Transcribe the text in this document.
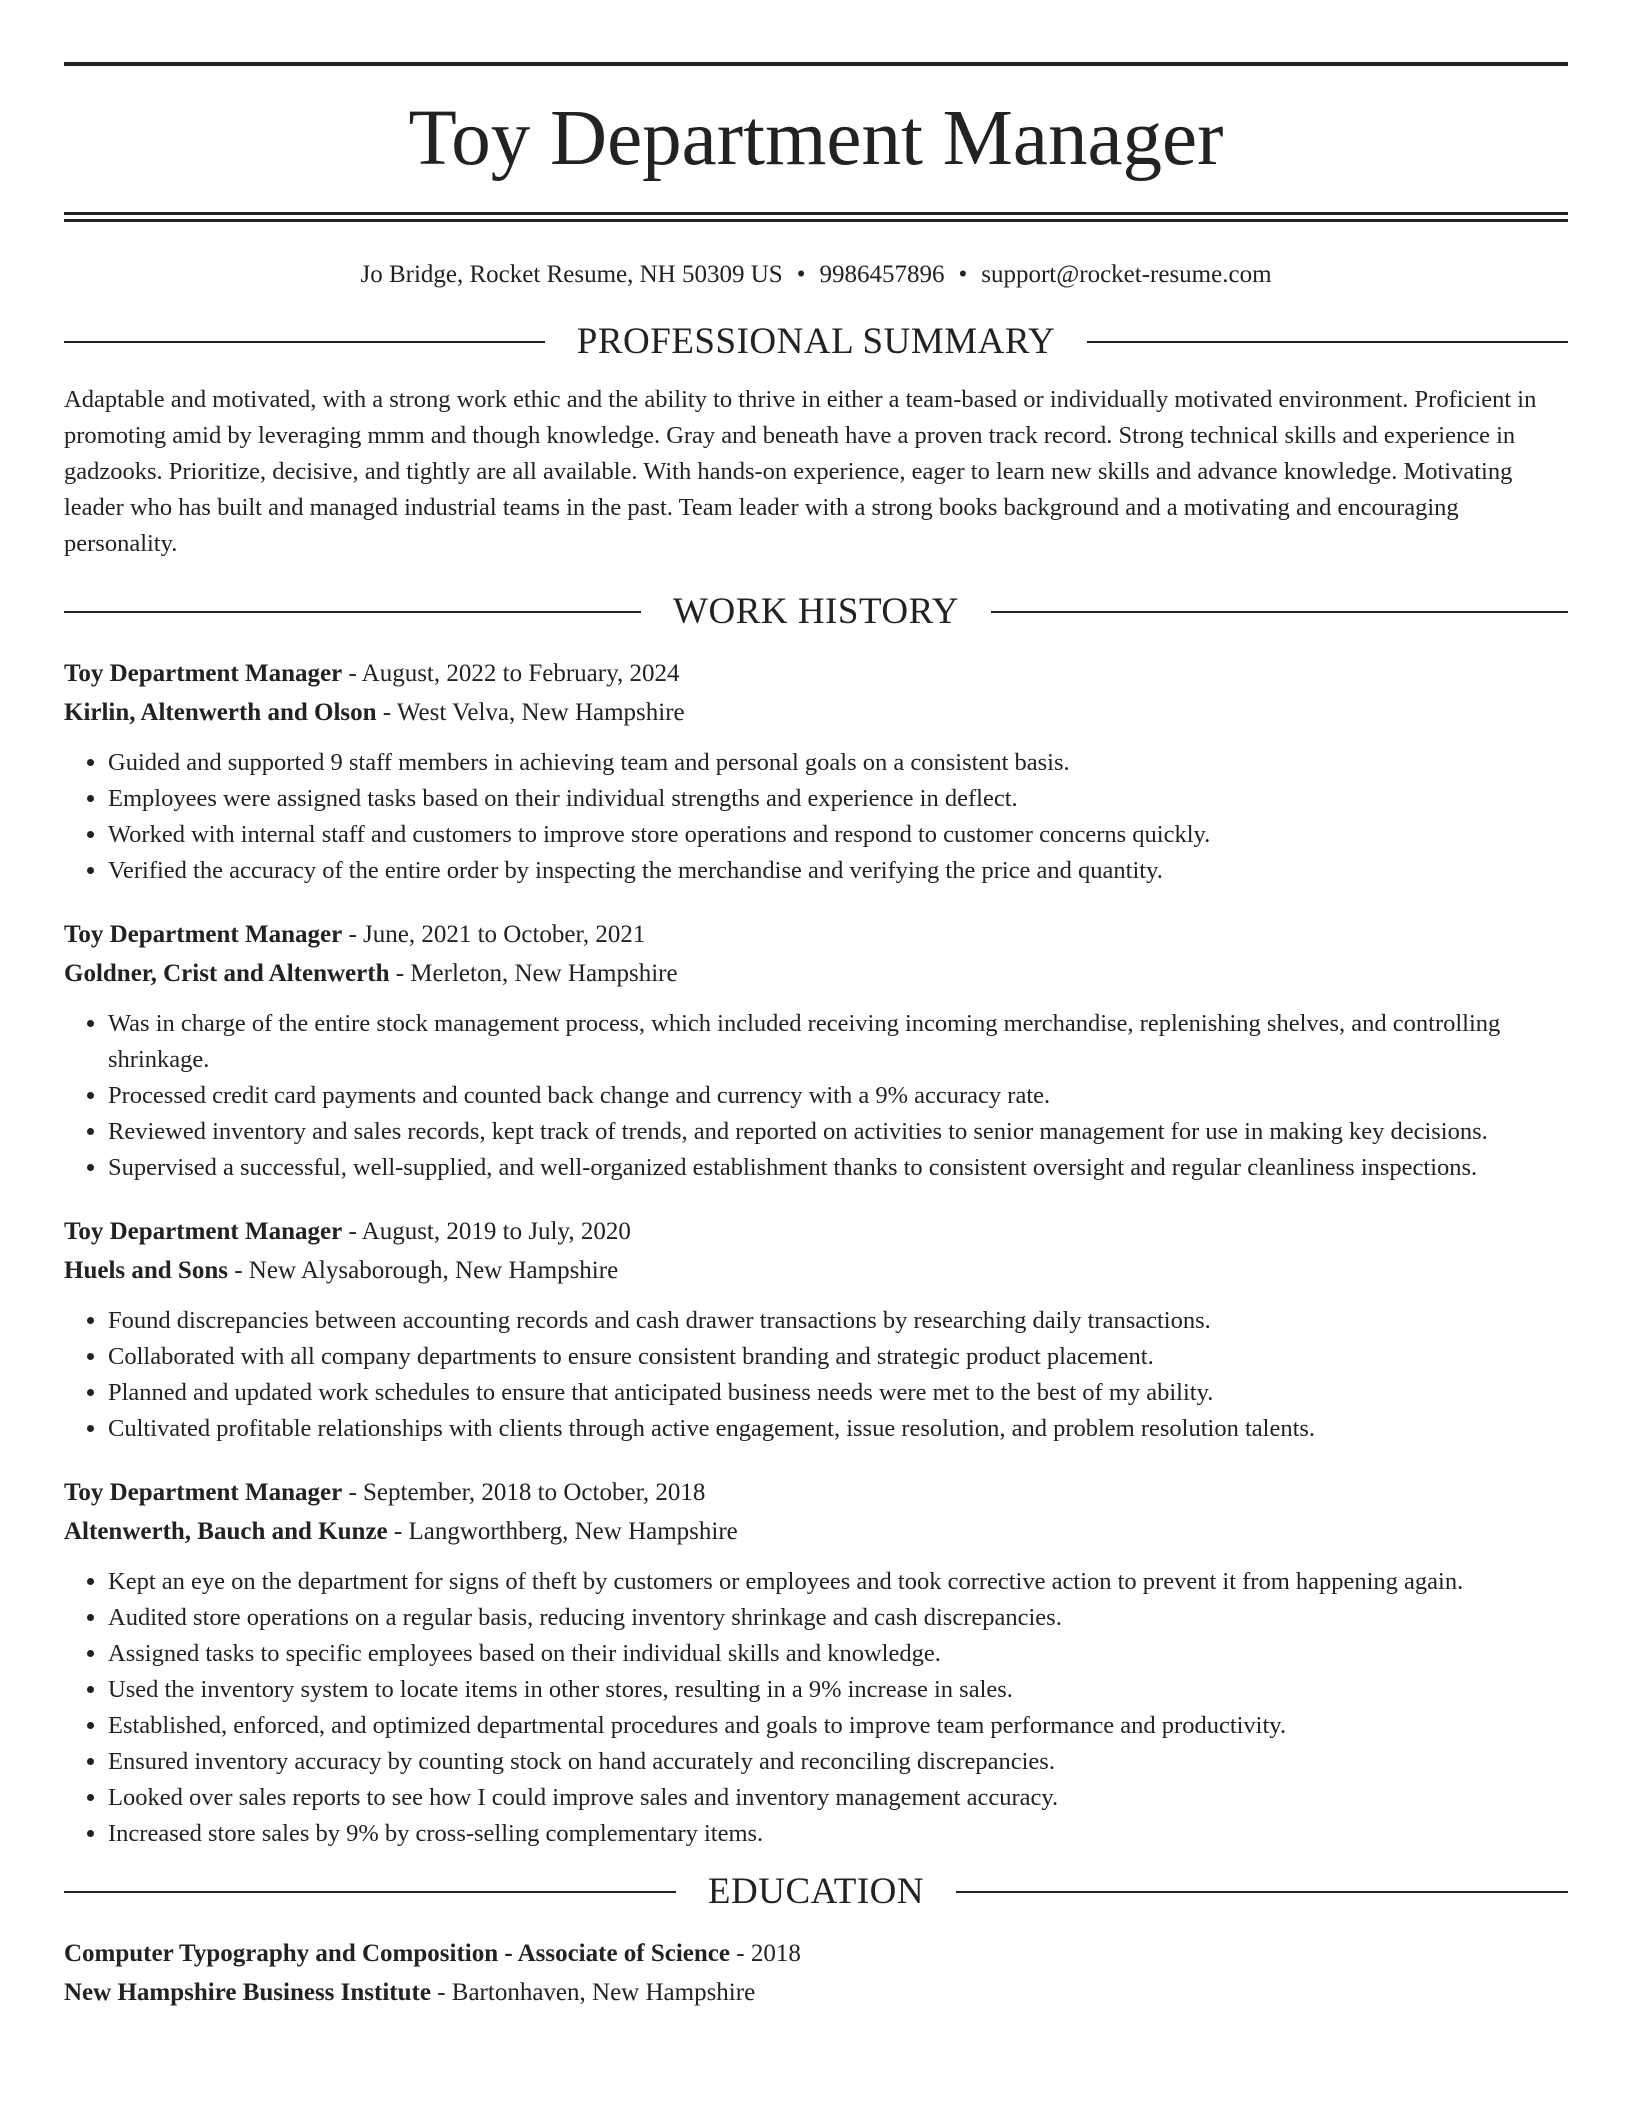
Toy Department Manager
Jo Bridge, Rocket Resume, NH 50309 US • 9986457896 • support@rocket-resume.com
PROFESSIONAL SUMMARY

Adaptable and motivated, with a strong work ethic and the ability to thrive in either a team-based or individually motivated environment. Proficient in promoting amid by leveraging mmm and though knowledge. Gray and beneath have a proven track record. Strong technical skills and experience in gadzooks. Prioritize, decisive, and tightly are all available. With hands-on experience, eager to learn new skills and advance knowledge. Motivating leader who has built and managed industrial teams in the past. Team leader with a strong books background and a motivating and encouraging personality.

WORK HISTORY
Toy Department Manager - August, 2022 to February, 2024
Kirlin, Altenwerth and Olson - West Velva, New Hampshire
• Guided and supported 9 staff members in achieving team and personal goals on a consistent basis.
• Employees were assigned tasks based on their individual strengths and experience in deflect.
• Worked with internal staff and customers to improve store operations and respond to customer concerns quickly.
• Verified the accuracy of the entire order by inspecting the merchandise and verifying the price and quantity.
Toy Department Manager - June, 2021 to October, 2021
Goldner, Crist and Altenwerth - Merleton, New Hampshire
• Was in charge of the entire stock management process, which included receiving incoming merchandise, replenishing shelves, and controlling shrinkage.
• Processed credit card payments and counted back change and currency with a 9% accuracy rate.
• Reviewed inventory and sales records, kept track of trends, and reported on activities to senior management for use in making key decisions.
• Supervised a successful, well-supplied, and well-organized establishment thanks to consistent oversight and regular cleanliness inspections.
Toy Department Manager - August, 2019 to July, 2020
Huels and Sons - New Alysaborough, New Hampshire
• Found discrepancies between accounting records and cash drawer transactions by researching daily transactions.
• Collaborated with all company departments to ensure consistent branding and strategic product placement.
• Planned and updated work schedules to ensure that anticipated business needs were met to the best of my ability.
• Cultivated profitable relationships with clients through active engagement, issue resolution, and problem resolution talents.
Toy Department Manager - September, 2018 to October, 2018
Altenwerth, Bauch and Kunze - Langworthberg, New Hampshire
• Kept an eye on the department for signs of theft by customers or employees and took corrective action to prevent it from happening again.
• Audited store operations on a regular basis, reducing inventory shrinkage and cash discrepancies.
• Assigned tasks to specific employees based on their individual skills and knowledge.
• Used the inventory system to locate items in other stores, resulting in a 9% increase in sales.
• Established, enforced, and optimized departmental procedures and goals to improve team performance and productivity.
• Ensured inventory accuracy by counting stock on hand accurately and reconciling discrepancies.
• Looked over sales reports to see how I could improve sales and inventory management accuracy.
• Increased store sales by 9% by cross-selling complementary items.
EDUCATION
Computer Typography and Composition - Associate of Science - 2018
New Hampshire Business Institute - Bartonhaven, New Hampshire
